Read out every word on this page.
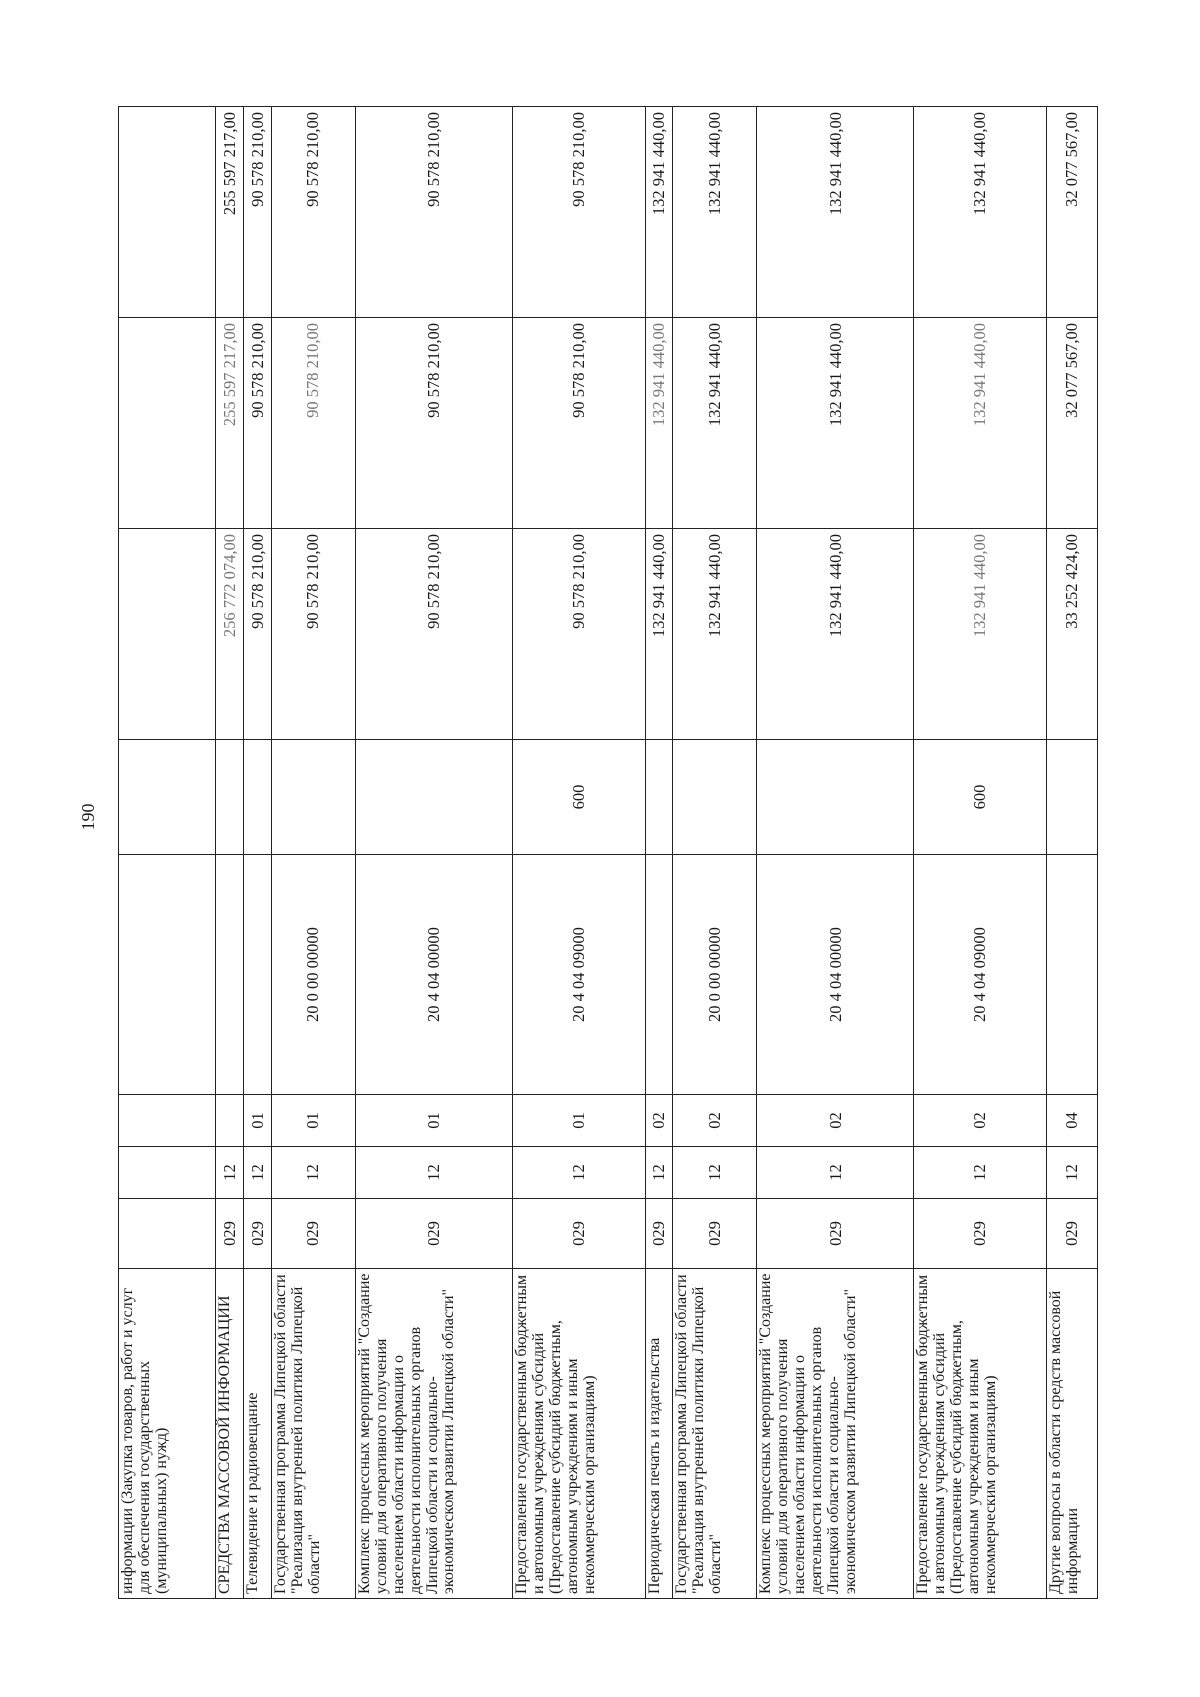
190
информации (Закупка товаров, работ и услуг для обеспечения государственных (муниципальных) нужд)								
СРЕДСТВА МАССОВОЙ ИНФОРМАЦИИ	029	12				256 772 074,00	255 597 217,00	255 597 217,00
Телевидение и радиовещание	029	12	01			90 578 210,00	90 578 210,00	90 578 210,00
Государственная программа Липецкой области "Реализация внутренней политики Липецкой области"	029	12	01	20 0 00 00000		90 578 210,00	90 578 210,00	90 578 210,00
Комплекс процессных мероприятий "Создание условий для оперативного получения населением области информации о деятельности исполнительных органов Липецкой области и социально-экономическом развитии Липецкой области"	029	12	01	20 4 04 00000		90 578 210,00	90 578 210,00	90 578 210,00
Предоставление государственным бюджетным и автономным учреждениям субсидий (Предоставление субсидий бюджетным, автономным учреждениям и иным некоммерческим организациям)	029	12	01	20 4 04 09000	600	90 578 210,00	90 578 210,00	90 578 210,00
Периодическая печать и издательства	029	12	02			132 941 440,00	132 941 440,00	132 941 440,00
Государственная программа Липецкой области "Реализация внутренней политики Липецкой области"	029	12	02	20 0 00 00000		132 941 440,00	132 941 440,00	132 941 440,00
Комплекс процессных мероприятий "Создание условий для оперативного получения населением области информации о деятельности исполнительных органов Липецкой области и социально-экономическом развитии Липецкой области"	029	12	02	20 4 04 00000		132 941 440,00	132 941 440,00	132 941 440,00
Предоставление государственным бюджетным и автономным учреждениям субсидий (Предоставление субсидий бюджетным, автономным учреждениям и иным некоммерческим организациям)	029	12	02	20 4 04 09000	600	132 941 440,00	132 941 440,00	132 941 440,00
Другие вопросы в области средств массовой информации	029	12	04			33 252 424,00	32 077 567,00	32 077 567,00
